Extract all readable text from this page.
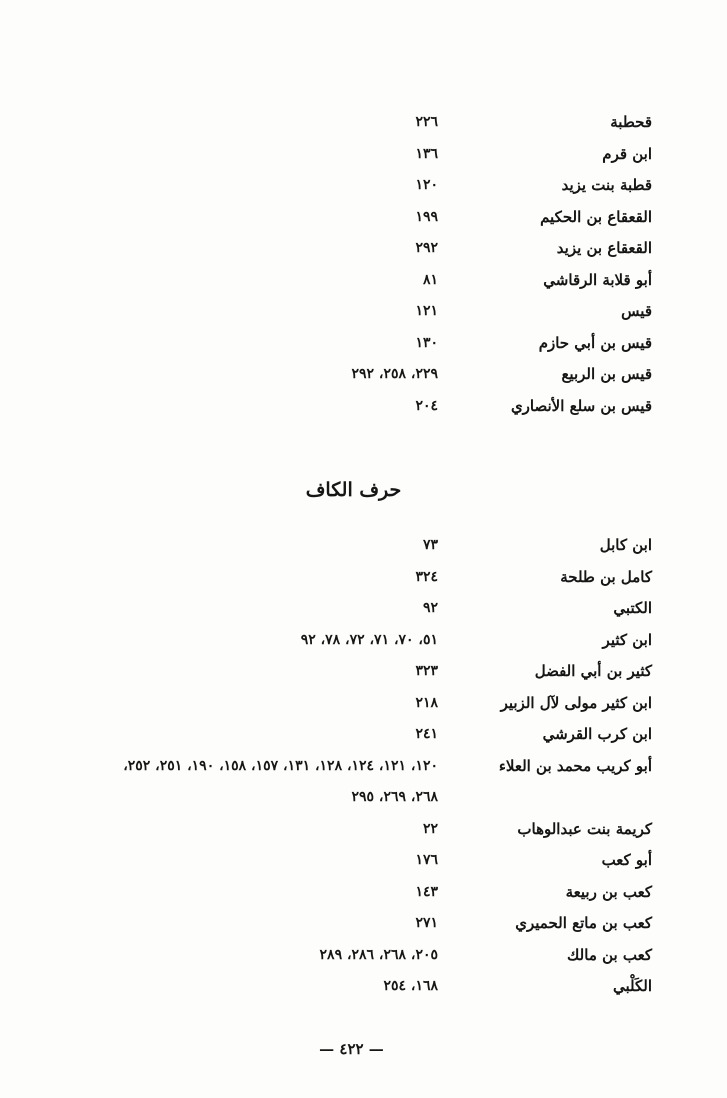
قحطبة
٢٢٦
ابن قرم
١٣٦
قطبة بنت يزيد
١٢٠
القعقاع بن الحكيم
١٩٩
القعقاع بن يزيد
٢٩٢
أبو قلابة الرقاشي
٨١
قيس
١٢١
قيس بن أبي حازم
١٣٠
قيس بن الربيع
٢٢٩، ٢٥٨، ٢٩٢
قيس بن سلع الأنصاري
٢٠٤
حرف الكاف
ابن كابل
٧٣
كامل بن طلحة
٣٢٤
الكتبي
٩٢
ابن كثير
٥١، ٧٠، ٧١، ٧٢، ٧٨، ٩٢
كثير بن أبي الفضل
٣٢٣
ابن كثير مولى لآل الزبير
٢١٨
ابن كرب القرشي
٢٤١
أبو كريب محمد بن العلاء
١٢٠، ١٢١، ١٢٤، ١٢٨، ١٣١، ١٥٧، ١٥٨، ١٩٠، ٢٥١، ٢٥٢، ٢٦٨، ٢٦٩، ٢٩٥
كريمة بنت عبدالوهاب
٢٢
أبو كعب
١٧٦
كعب بن ربيعة
١٤٣
كعب بن ماتع الحميري
٢٧١
كعب بن مالك
٢٠٥، ٢٦٨، ٢٨٦، ٢٨٩
الكَلْبي
١٦٨، ٢٥٤
— ٤٢٢ —
